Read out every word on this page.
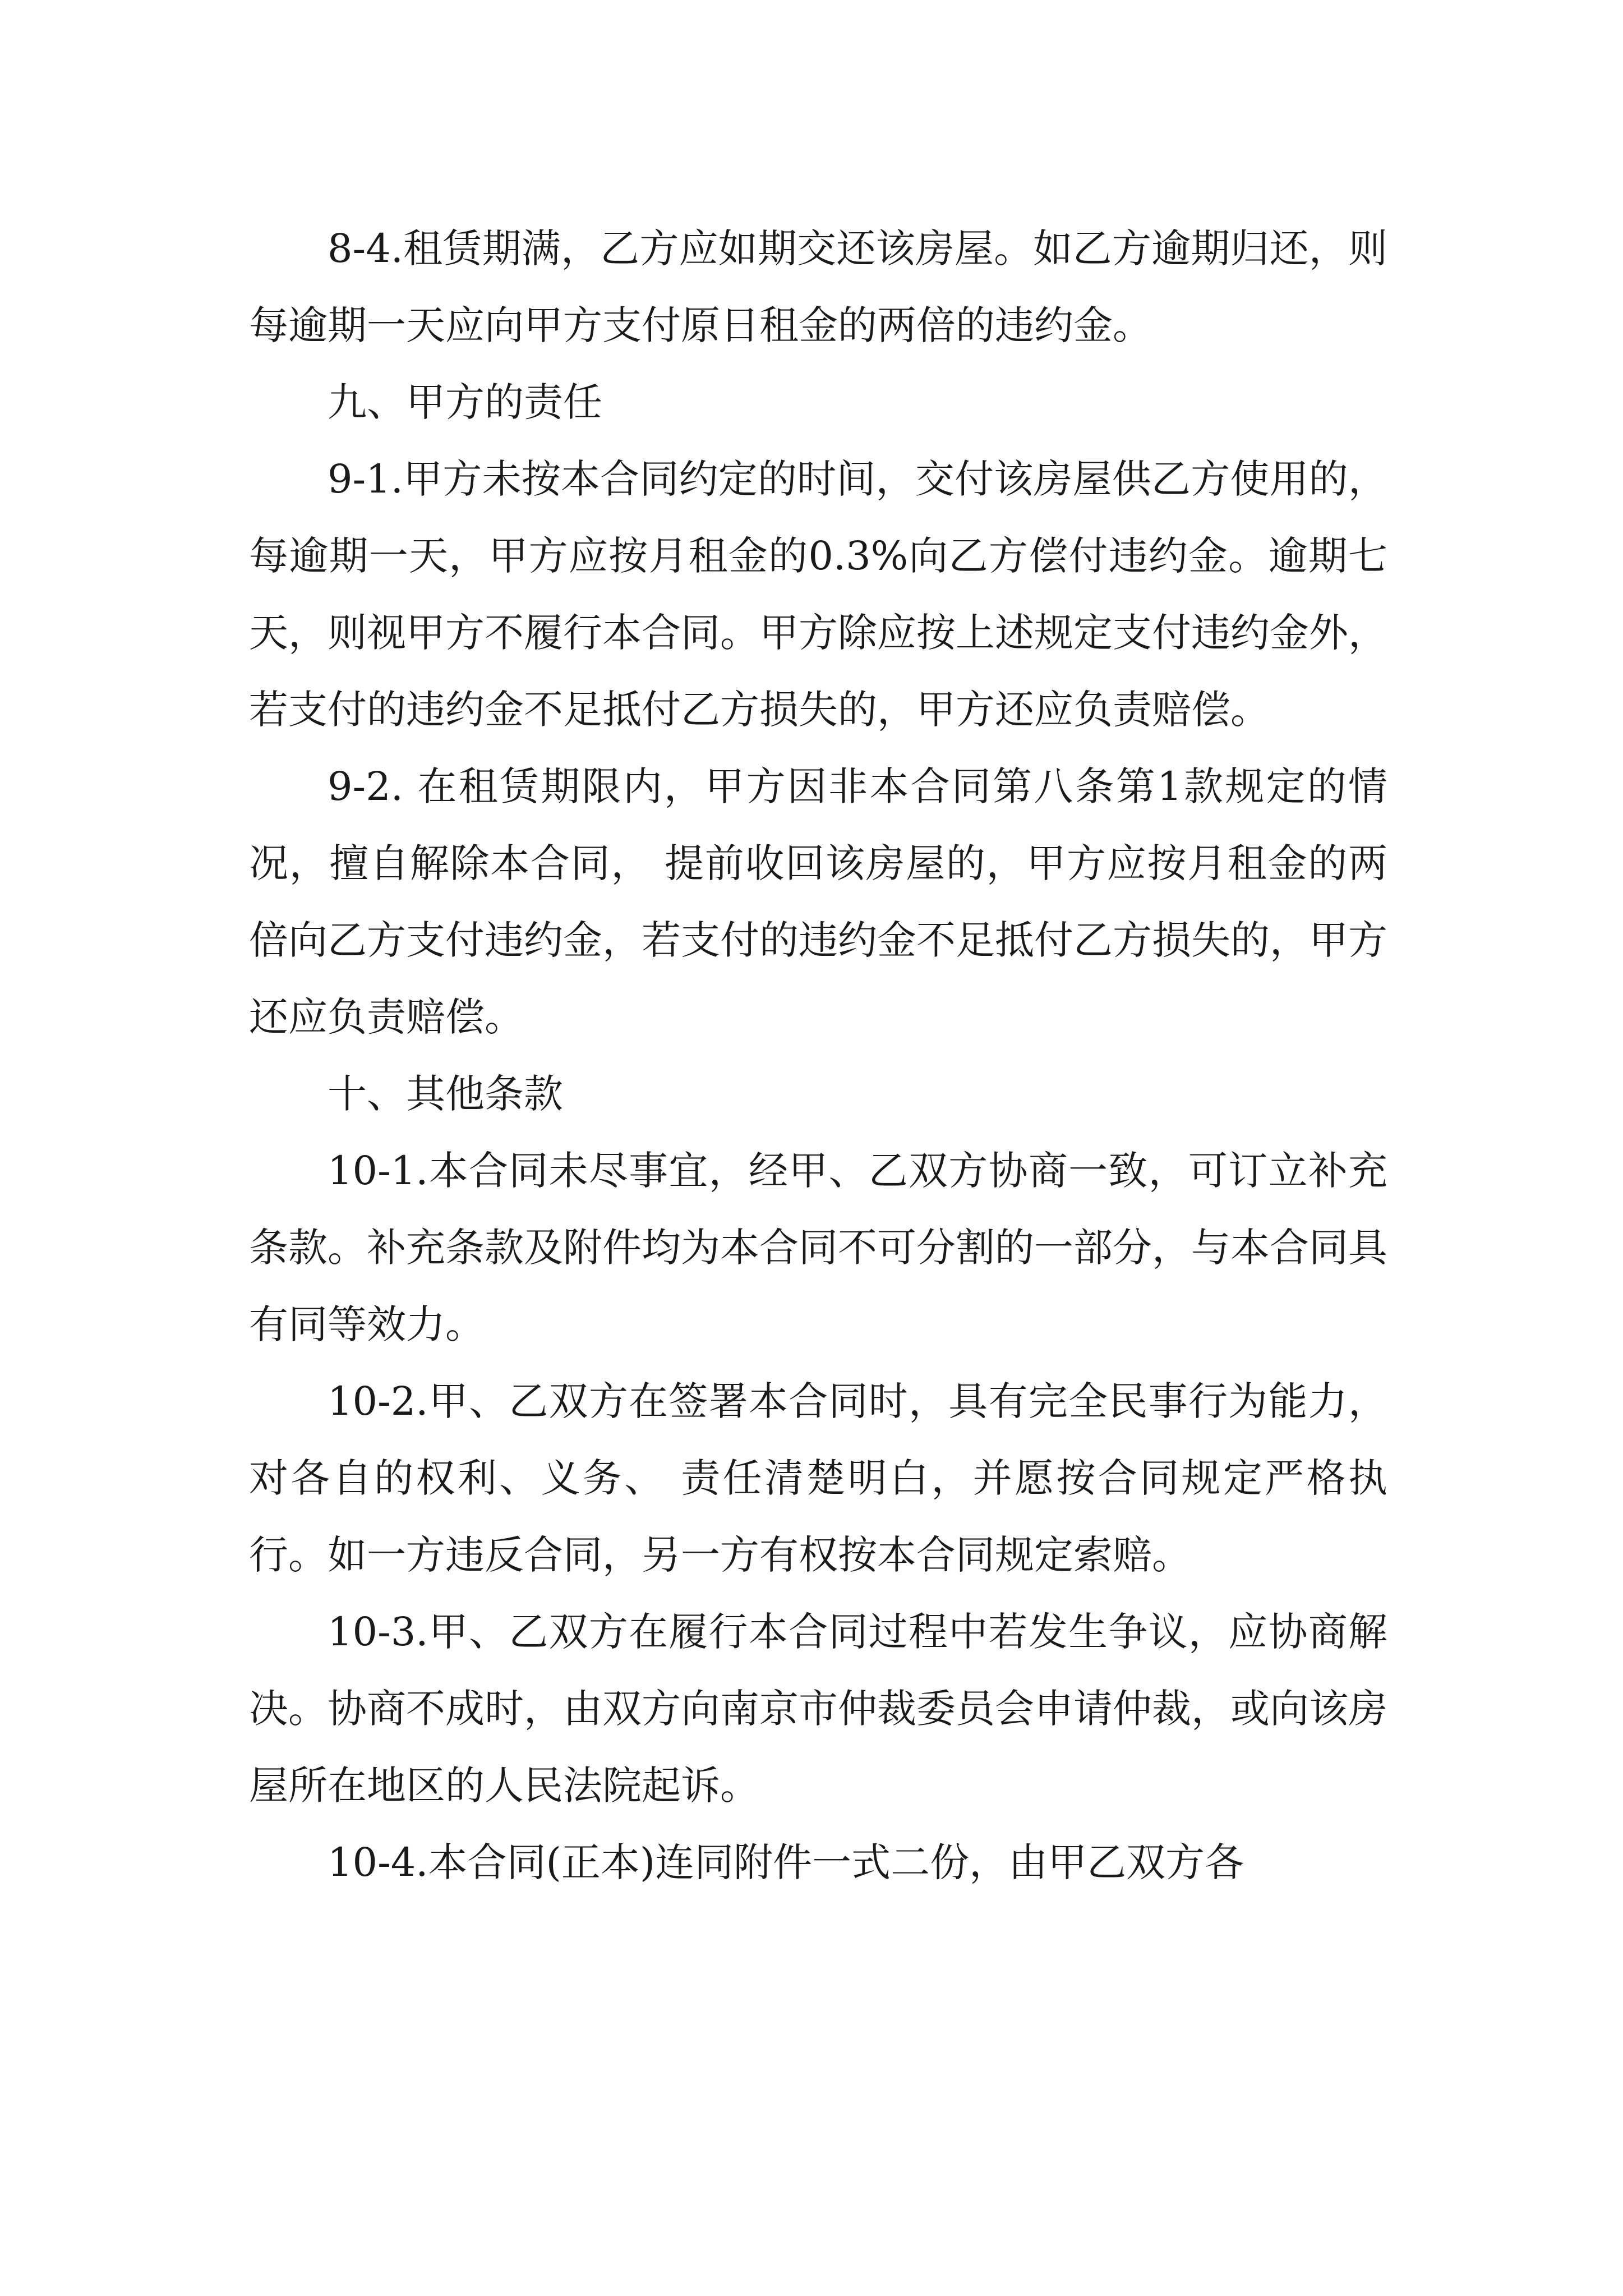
8-4.租赁期满，乙方应如期交还该房屋。如乙方逾期归还，则每逾期一天应向甲方支付原日租金的两倍的违约金。

九、甲方的责任

9-1.甲方未按本合同约定的时间，交付该房屋供乙方使用的，每逾期一天，甲方应按月租金的0.3%向乙方偿付违约金。逾期七天，则视甲方不履行本合同。甲方除应按上述规定支付违约金外，若支付的违约金不足抵付乙方损失的，甲方还应负责赔偿。

9-2. 在租赁期限内，甲方因非本合同第八条第1款规定的情况，擅自解除本合同， 提前收回该房屋的，甲方应按月租金的两倍向乙方支付违约金，若支付的违约金不足抵付乙方损失的，甲方还应负责赔偿。

十、其他条款

10-1.本合同未尽事宜，经甲、乙双方协商一致，可订立补充条款。补充条款及附件均为本合同不可分割的一部分，与本合同具有同等效力。

10-2.甲、乙双方在签署本合同时，具有完全民事行为能力，对各自的权利、义务、 责任清楚明白，并愿按合同规定严格执行。如一方违反合同，另一方有权按本合同规定索赔。

10-3.甲、乙双方在履行本合同过程中若发生争议，应协商解决。协商不成时，由双方向南京市仲裁委员会申请仲裁，或向该房屋所在地区的人民法院起诉。

10-4.本合同(正本)连同附件一式二份，由甲乙双方各
